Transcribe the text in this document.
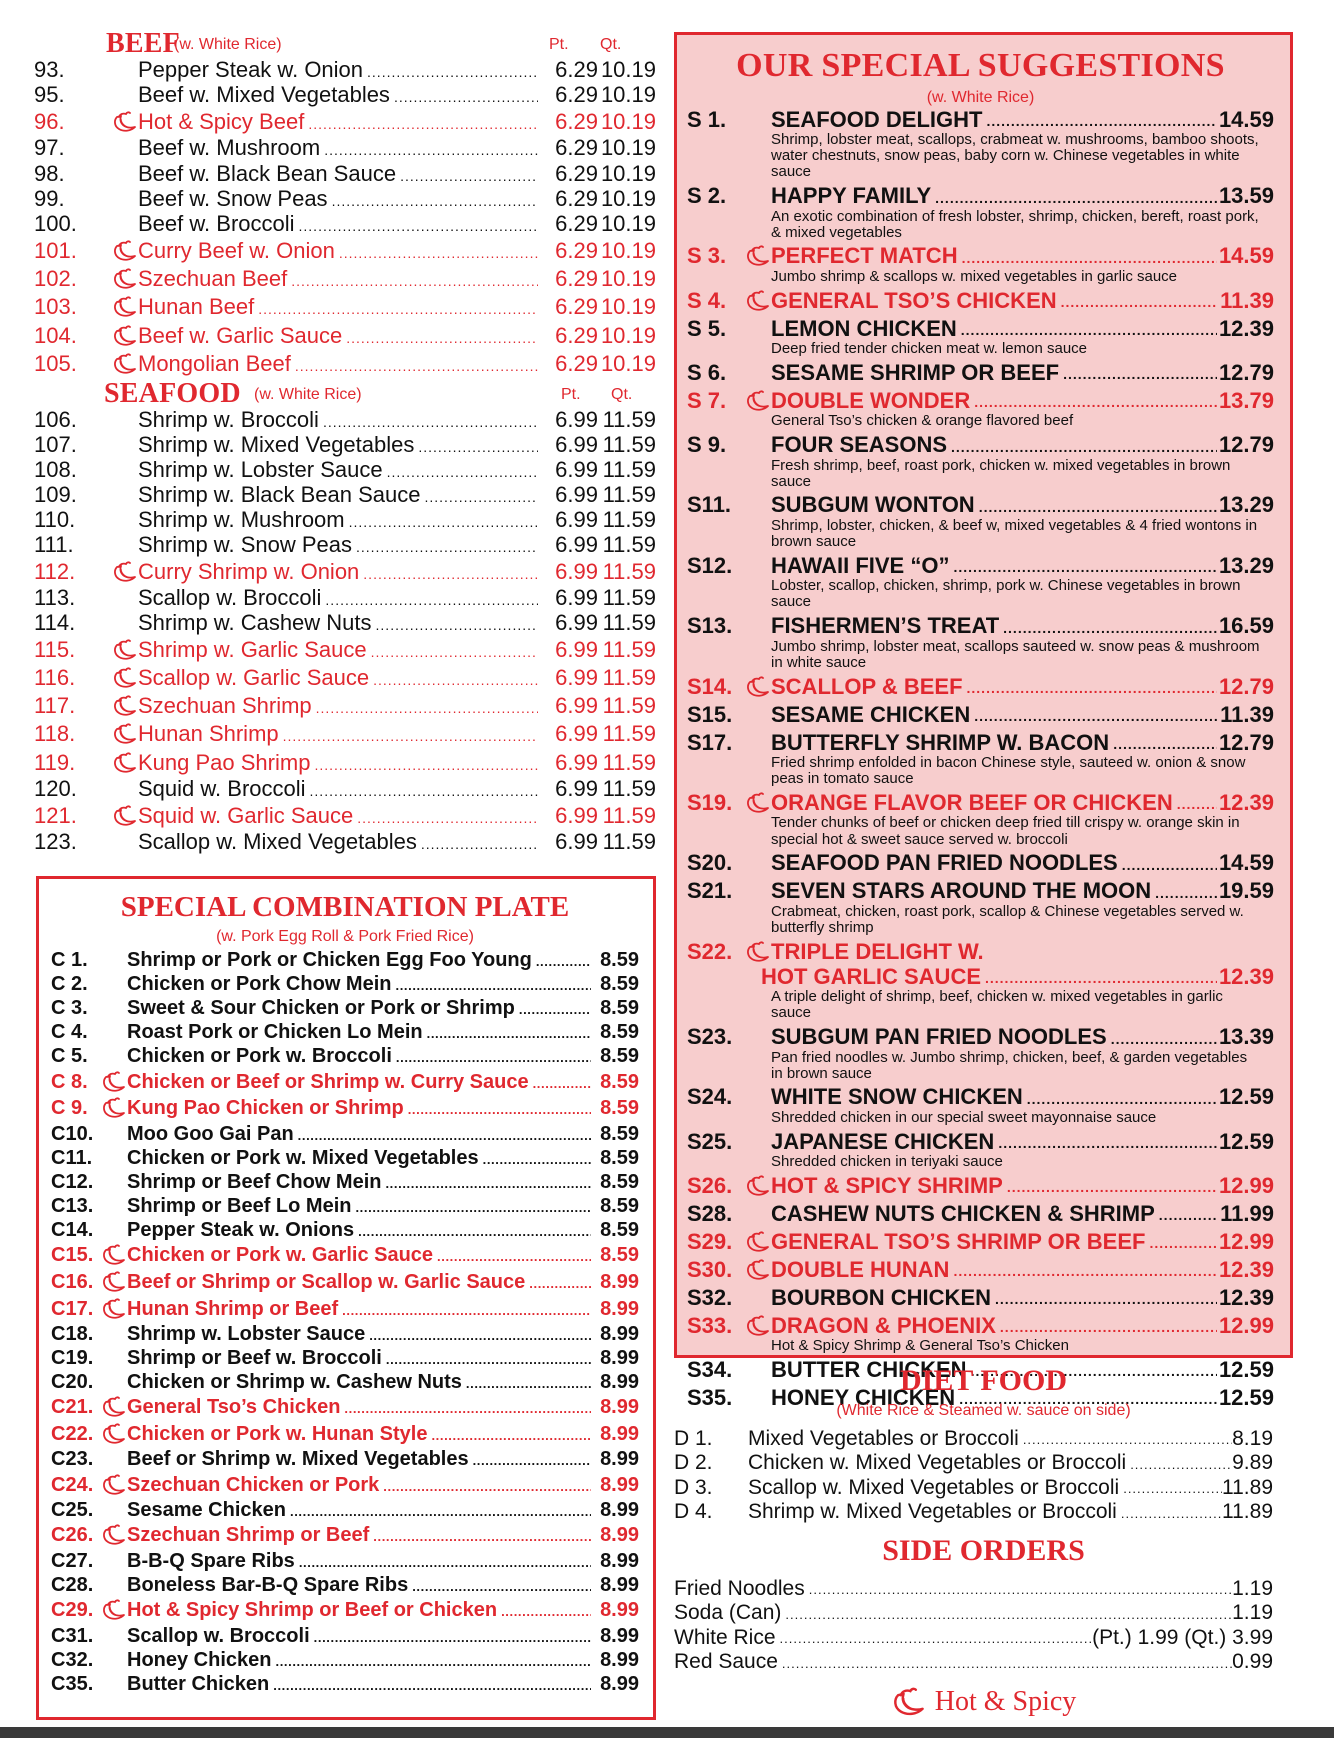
BEEF
(w. White Rice)	Pt. Qt.
93.	Pepper Steak w. Onion .....	6.29 10.19
95.	Beef w. Mixed Vegetables .....	6.29 10.19
96.	Hot & Spicy Beef .....	6.29 10.19
97.	Beef w. Mushroom .....	6.29 10.19
98.	Beef w. Black Bean Sauce .....	6.29 10.19
99.	Beef w. Snow Peas .....	6.29 10.19
100.	Beef w. Broccoli .....	6.29 10.19
101.	Curry Beef w. Onion .....	6.29 10.19
102.	Szechuan Beef .....	6.29 10.19
103.	Hunan Beef .....	6.29 10.19
104.	Beef w. Garlic Sauce .....	6.29 10.19
105.	Mongolian Beef .....	6.29 10.19
SEAFOOD (w. White Rice)	Pt. Qt.
106.	Shrimp w. Broccoli .....	6.99 11.59
107.	Shrimp w. Mixed Vegetables .....	6.99 11.59
108.	Shrimp w. Lobster Sauce .....	6.99 11.59
109.	Shrimp w. Black Bean Sauce .....	6.99 11.59
110.	Shrimp w. Mushroom .....	6.99 11.59
111.	Shrimp w. Snow Peas .....	6.99 11.59
112.	Curry Shrimp w. Onion .....	6.99 11.59
113.	Scallop w. Broccoli .....	6.99 11.59
114.	Shrimp w. Cashew Nuts .....	6.99 11.59
115.	Shrimp w. Garlic Sauce .....	6.99 11.59
116.	Scallop w. Garlic Sauce .....	6.99 11.59
117.	Szechuan Shrimp .....	6.99 11.59
118.	Hunan Shrimp .....	6.99 11.59
119.	Kung Pao Shrimp .....	6.99 11.59
120.	Squid w. Broccoli .....	6.99 11.59
121.	Squid w. Garlic Sauce .....	6.99 11.59
123.	Scallop w. Mixed Vegetables .....	6.99 11.59
SPECIAL COMBINATION PLATE
(w. Pork Egg Roll & Pork Fried Rice)
C 1.	Shrimp or Pork or Chicken Egg Foo Young .....	8.59
C 2.	Chicken or Pork Chow Mein .....	8.59
C 3.	Sweet & Sour Chicken or Pork or Shrimp .....	8.59
C 4.	Roast Pork or Chicken Lo Mein .....	8.59
C 5.	Chicken or Pork w. Broccoli .....	8.59
C 8.	Chicken or Beef or Shrimp w. Curry Sauce .....	8.59
C 9.	Kung Pao Chicken or Shrimp .....	8.59
C10.	Moo Goo Gai Pan .....	8.59
C11.	Chicken or Pork w. Mixed Vegetables .....	8.59
C12.	Shrimp or Beef Chow Mein .....	8.59
C13.	Shrimp or Beef Lo Mein .....	8.59
C14.	Pepper Steak w. Onions .....	8.59
C15.	Chicken or Pork w. Garlic Sauce .....	8.59
C16.	Beef or Shrimp or Scallop w. Garlic Sauce .....	8.99
C17.	Hunan Shrimp or Beef .....	8.99
C18.	Shrimp w. Lobster Sauce .....	8.99
C19.	Shrimp or Beef w. Broccoli .....	8.99
C20.	Chicken or Shrimp w. Cashew Nuts .....	8.99
C21.	General Tso’s Chicken .....	8.99
C22.	Chicken or Pork w. Hunan Style .....	8.99
C23.	Beef or Shrimp w. Mixed Vegetables .....	8.99
C24.	Szechuan Chicken or Pork .....	8.99
C25.	Sesame Chicken .....	8.99
C26.	Szechuan Shrimp or Beef .....	8.99
C27.	B-B-Q Spare Ribs .....	8.99
C28.	Boneless Bar-B-Q Spare Ribs .....	8.99
C29.	Hot & Spicy Shrimp or Beef or Chicken .....	8.99
C31.	Scallop w. Broccoli .....	8.99
C32.	Honey Chicken .....	8.99
C35.	Butter Chicken .....	8.99
OUR SPECIAL SUGGESTIONS
(w. White Rice)
S 1.	SEAFOOD DELIGHT .....	14.59
Shrimp, lobster meat, scallops, crabmeat w. mushrooms, bamboo shoots, water chestnuts, snow peas, baby corn w. Chinese vegetables in white sauce
S 2.	HAPPY FAMILY .....	13.59
An exotic combination of fresh lobster, shrimp, chicken, bereft, roast pork, & mixed vegetables
S 3.	PERFECT MATCH .....	14.59
Jumbo shrimp & scallops w. mixed vegetables in garlic sauce
S 4.	GENERAL TSO’S CHICKEN .....	11.39
S 5.	LEMON CHICKEN .....	12.39
Deep fried tender chicken meat w. lemon sauce
S 6.	SESAME SHRIMP OR BEEF .....	12.79
S 7.	DOUBLE WONDER .....	13.79
General Tso’s chicken & orange flavored beef
S 9.	FOUR SEASONS .....	12.79
Fresh shrimp, beef, roast pork, chicken w. mixed vegetables in brown sauce
S11.	SUBGUM WONTON .....	13.29
Shrimp, lobster, chicken, & beef w, mixed vegetables & 4 fried wontons in brown sauce
S12.	HAWAII FIVE “O” .....	13.29
Lobster, scallop, chicken, shrimp, pork w. Chinese vegetables in brown sauce
S13.	FISHERMEN’S TREAT .....	16.59
Jumbo shrimp, lobster meat, scallops sauteed w. snow peas & mushroom in white sauce
S14.	SCALLOP & BEEF .....	12.79
S15.	SESAME CHICKEN .....	11.39
S17.	BUTTERFLY SHRIMP W. BACON .....	12.79
Fried shrimp enfolded in bacon Chinese style, sauteed w. onion & snow peas in tomato sauce
S19.	ORANGE FLAVOR BEEF OR CHICKEN ..... 12.39
Tender chunks of beef or chicken deep fried till crispy w. orange skin in special hot & sweet sauce served w. broccoli
S20.	SEAFOOD PAN FRIED NOODLES .....	14.59
S21.	SEVEN STARS AROUND THE MOON .....	19.59
Crabmeat, chicken, roast pork, scallop & Chinese vegetables served w. butterfly shrimp
S22.	TRIPLE DELIGHT W.
HOT GARLIC SAUCE .....	12.39
A triple delight of shrimp, beef, chicken w. mixed vegetables in garlic sauce
S23.	SUBGUM PAN FRIED NOODLES .....	13.39
Pan fried noodles w. Jumbo shrimp, chicken, beef, & garden vegetables in brown sauce
S24.	WHITE SNOW CHICKEN .....	12.59
Shredded chicken in our special sweet mayonnaise sauce
S25.	JAPANESE CHICKEN .....	12.59
Shredded chicken in teriyaki sauce
S26.	HOT & SPICY SHRIMP .....	12.99
S28.	CASHEW NUTS CHICKEN & SHRIMP .....	11.99
S29.	GENERAL TSO’S SHRIMP OR BEEF .....	12.99
S30.	DOUBLE HUNAN .....	12.39
S32.	BOURBON CHICKEN .....	12.39
S33.	DRAGON & PHOENIX .....	12.99
Hot & Spicy Shrimp & General Tso’s Chicken
S34.	BUTTER CHICKEN .....	12.59
S35.	HONEY CHICKEN .....	12.59
DIET FOOD
(White Rice & Steamed w. sauce on side)
D 1.	Mixed Vegetables or Broccoli .....	8.19
D 2.	Chicken w. Mixed Vegetables or Broccoli .....	9.89
D 3.	Scallop w. Mixed Vegetables or Broccoli .....	11.89
D 4.	Shrimp w. Mixed Vegetables or Broccoli .....	11.89
SIDE ORDERS
Fried Noodles .....	1.19
Soda (Can) .....	1.19
White Rice .....	(Pt.) 1.99 (Qt.) 3.99
Red Sauce .....	0.99
Hot & Spicy
